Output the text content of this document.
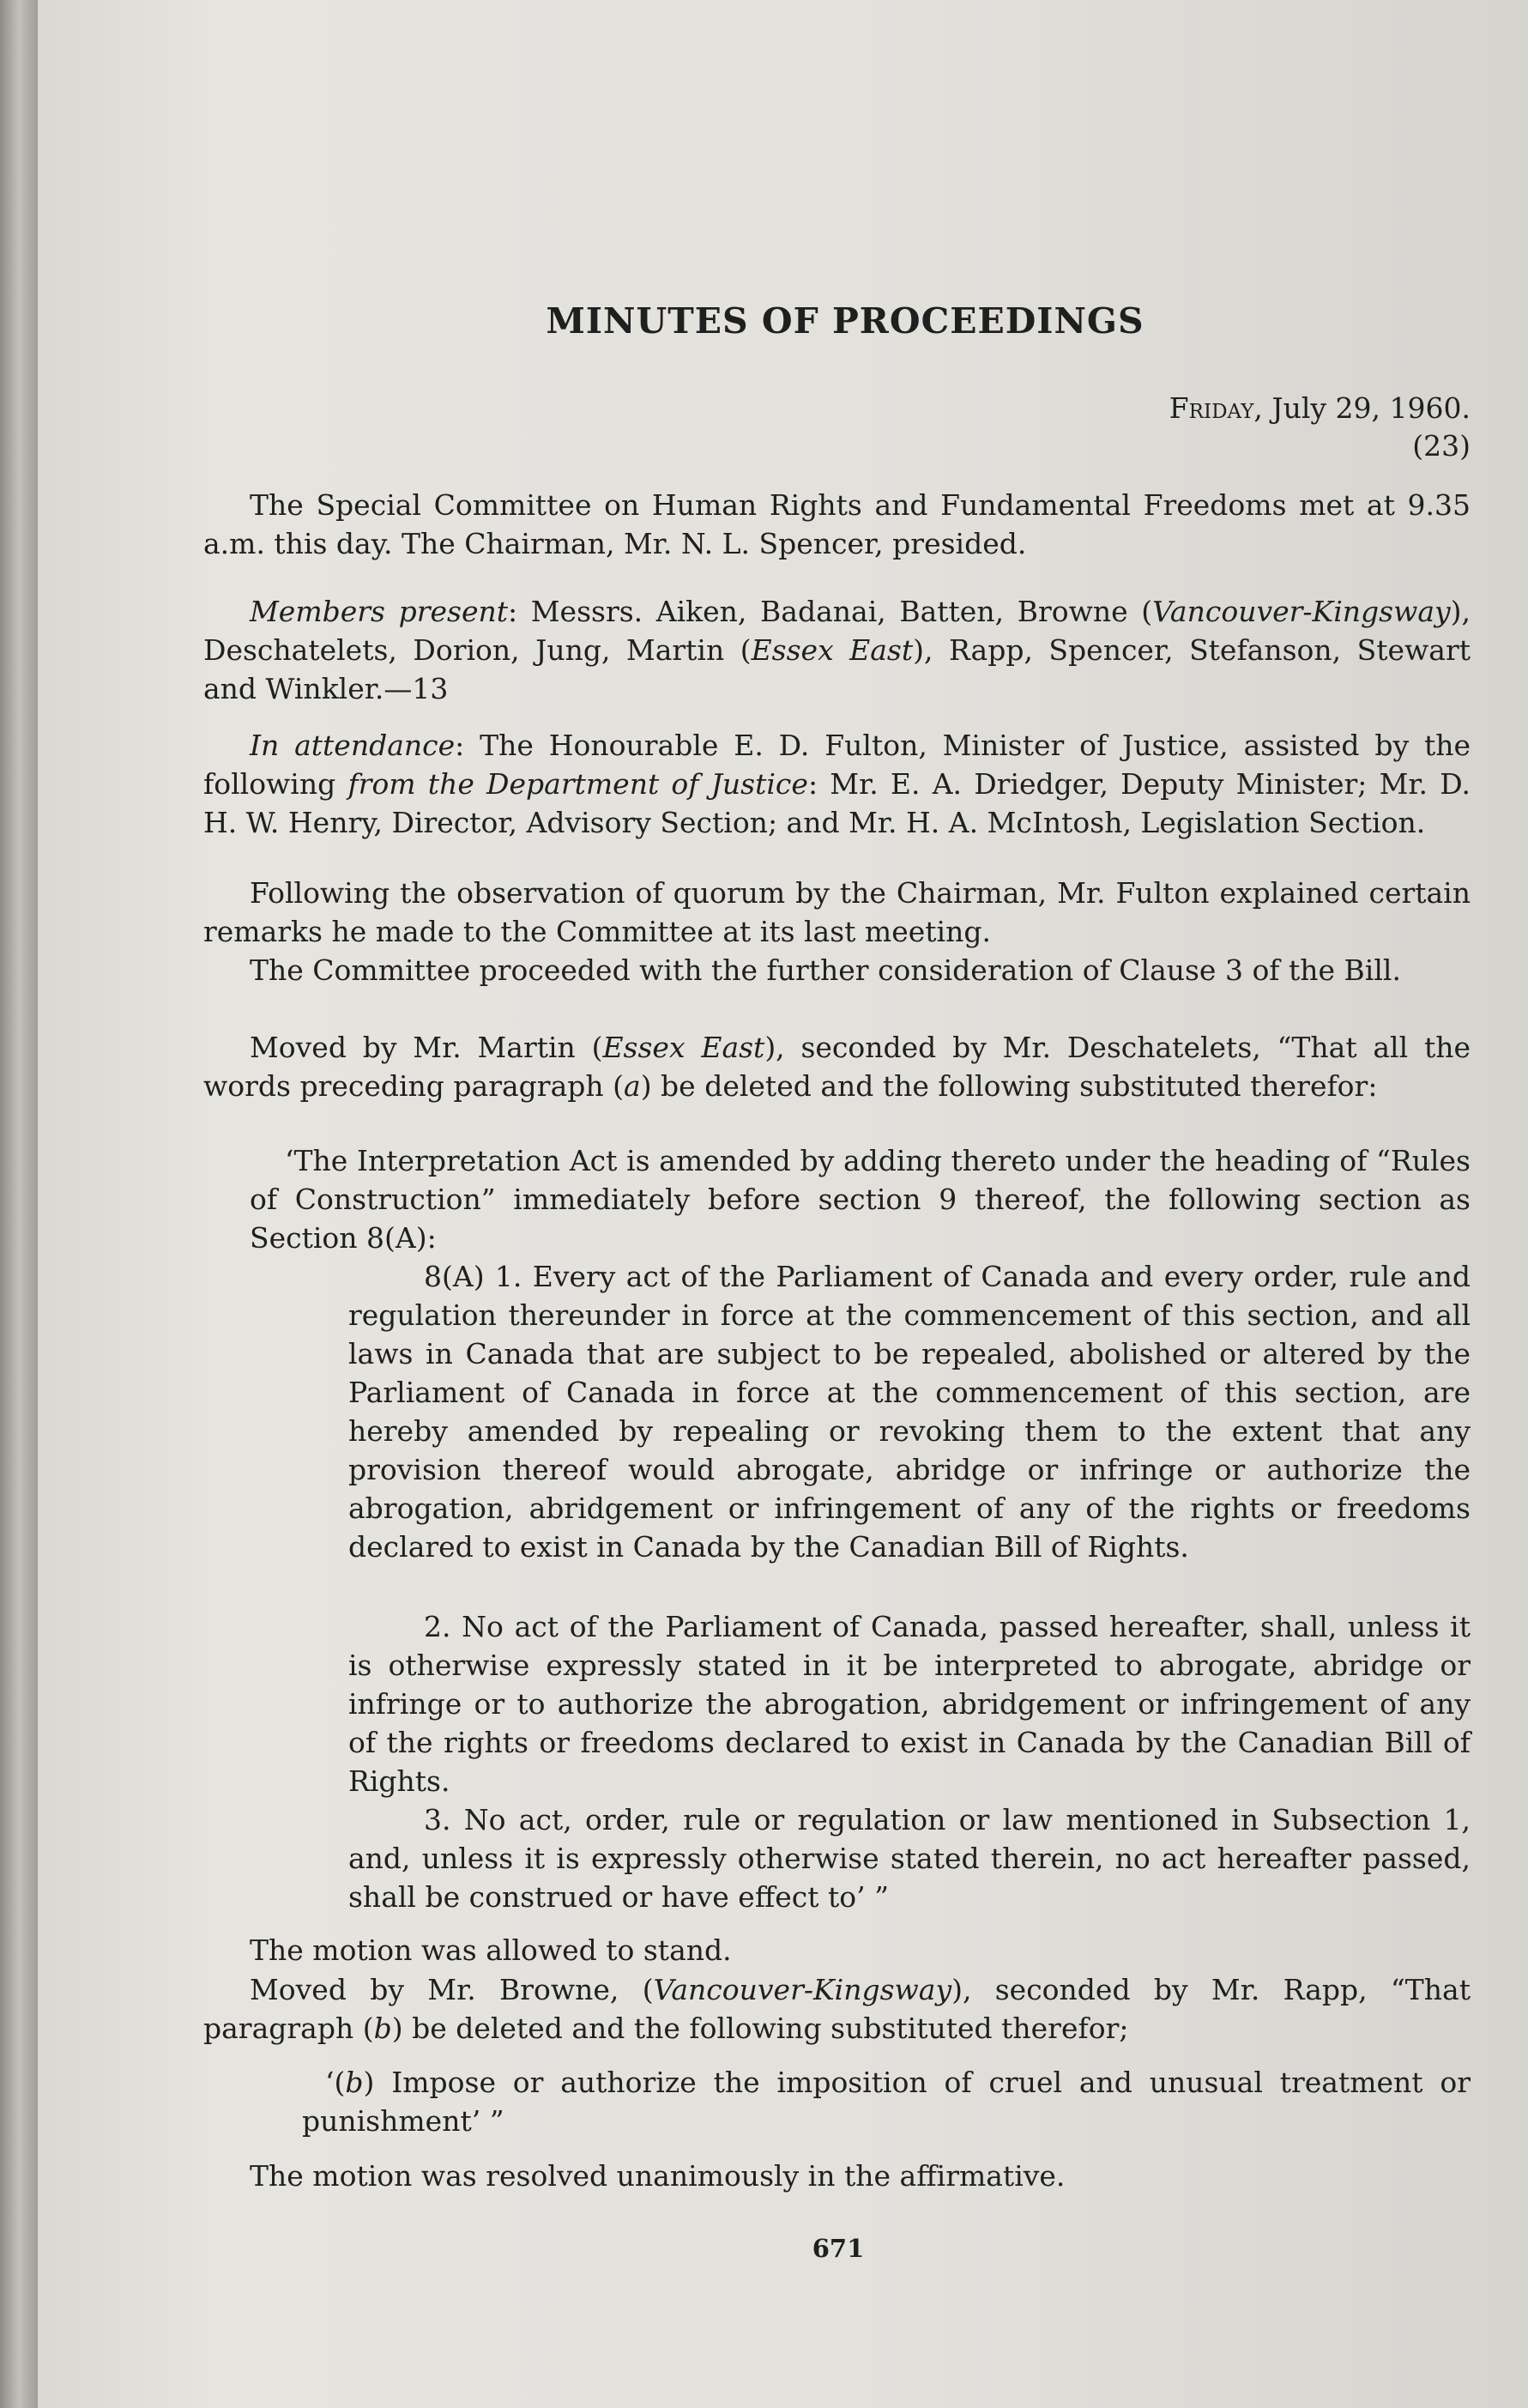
MINUTES OF PROCEEDINGS
Friday, July 29, 1960.
(23)

The Special Committee on Human Rights and Fundamental Freedoms met at 9.35 a.m. this day. The Chairman, Mr. N. L. Spencer, presided.

Members present: Messrs. Aiken, Badanai, Batten, Browne (Vancouver-Kingsway), Deschatelets, Dorion, Jung, Martin (Essex East), Rapp, Spencer, Stefanson, Stewart and Winkler.—13

In attendance: The Honourable E. D. Fulton, Minister of Justice, assisted by the following from the Department of Justice: Mr. E. A. Driedger, Deputy Minister; Mr. D. H. W. Henry, Director, Advisory Section; and Mr. H. A. McIntosh, Legislation Section.

Following the observation of quorum by the Chairman, Mr. Fulton explained certain remarks he made to the Committee at its last meeting.

The Committee proceeded with the further consideration of Clause 3 of the Bill.

Moved by Mr. Martin (Essex East), seconded by Mr. Deschatelets, “That all the words preceding paragraph (a) be deleted and the following substituted therefor:

‘The Interpretation Act is amended by adding thereto under the heading of “Rules of Construction” immediately before section 9 thereof, the following section as Section 8(A):

8(A) 1. Every act of the Parliament of Canada and every order, rule and regulation thereunder in force at the commencement of this section, and all laws in Canada that are subject to be repealed, abolished or altered by the Parliament of Canada in force at the commencement of this section, are hereby amended by repealing or revoking them to the extent that any provision thereof would abrogate, abridge or infringe or authorize the abrogation, abridgement or infringement of any of the rights or freedoms declared to exist in Canada by the Canadian Bill of Rights.

2. No act of the Parliament of Canada, passed hereafter, shall, unless it is otherwise expressly stated in it be interpreted to abrogate, abridge or infringe or to authorize the abrogation, abridgement or infringement of any of the rights or freedoms declared to exist in Canada by the Canadian Bill of Rights.

3. No act, order, rule or regulation or law mentioned in Subsection 1, and, unless it is expressly otherwise stated therein, no act hereafter passed, shall be construed or have effect to’ ”

The motion was allowed to stand.

Moved by Mr. Browne, (Vancouver-Kingsway), seconded by Mr. Rapp, “That paragraph (b) be deleted and the following substituted therefor;

‘(b) Impose or authorize the imposition of cruel and unusual treatment or punishment’ ”

The motion was resolved unanimously in the affirmative.

671
